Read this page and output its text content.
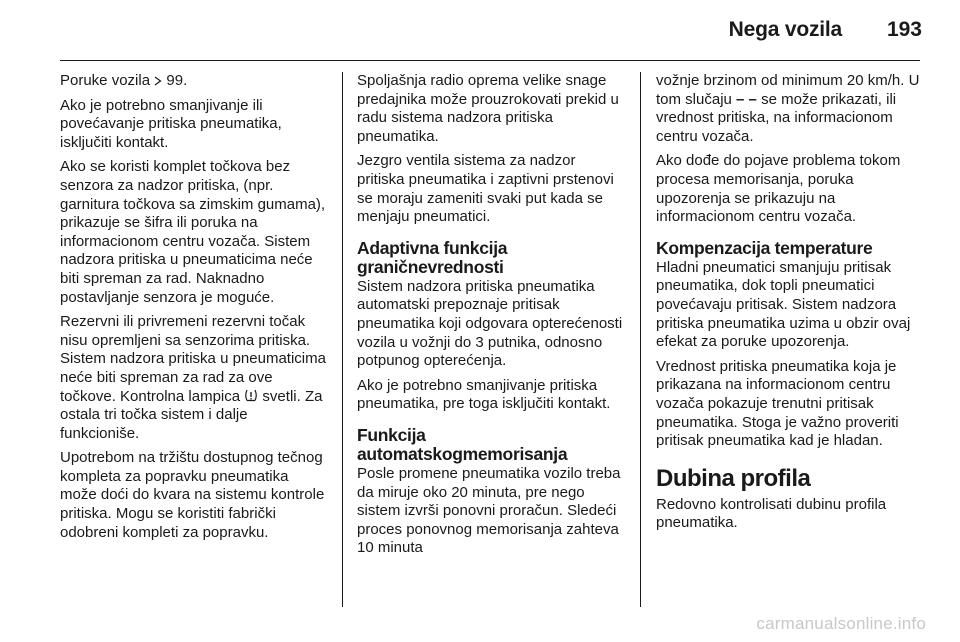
Nega vozila 193

Poruke vozila  99.

Ako je potrebno smanjivanje ili povećavanje pritiska pneumatika, isključiti kontakt.

Ako se koristi komplet točkova bez senzora za nadzor pritiska, (npr. garnitura točkova sa zimskim gumama), prikazuje se šifra ili poruka na informacionom centru vozača. Sistem nadzora pritiska u pneumaticima neće biti spreman za rad. Naknadno postavljanje senzora je moguće.

Rezervni ili privremeni rezervni točak nisu opremljeni sa senzorima pritiska. Sistem nadzora pritiska u pneumaticima neće biti spreman za rad za ove točkove. Kontrolna lampica  svetli. Za ostala tri točka sistem i dalje funkcioniše.

Upotrebom na tržištu dostupnog tečnog kompleta za popravku pneumatika može doći do kvara na sistemu kontrole pritiska. Mogu se koristiti fabrički odobreni kompleti za popravku.

Spoljašnja radio oprema velike snage predajnika može prouzrokovati prekid u radu sistema nadzora pritiska pneumatika.

Jezgro ventila sistema za nadzor pritiska pneumatika i zaptivni prstenovi se moraju zameniti svaki put kada se menjaju pneumatici.

Adaptivna funkcija graničnevrednosti

Sistem nadzora pritiska pneumatika automatski prepoznaje pritisak pneumatika koji odgovara opterećenosti vozila u vožnji do 3 putnika, odnosno potpunog opterećenja.

Ako je potrebno smanjivanje pritiska pneumatika, pre toga isključiti kontakt.

Funkcija automatskogmemorisanja

Posle promene pneumatika vozilo treba da miruje oko 20 minuta, pre nego sistem izvrši ponovni proračun. Sledeći proces ponovnog memorisanja zahteva 10 minuta

vožnje brzinom od minimum 20 km/h. U tom slučaju – – se može prikazati, ili vrednost pritiska, na informacionom centru vozača.

Ako dođe do pojave problema tokom procesa memorisanja, poruka upozorenja se prikazuju na informacionom centru vozača.

Kompenzacija temperature

Hladni pneumatici smanjuju pritisak pneumatika, dok topli pneumatici povećavaju pritisak. Sistem nadzora pritiska pneumatika uzima u obzir ovaj efekat za poruke upozorenja.

Vrednost pritiska pneumatika koja je prikazana na informacionom centru vozača pokazuje trenutni pritisak pneumatika. Stoga je važno proveriti pritisak pneumatika kad je hladan.

Dubina profila

Redovno kontrolisati dubinu profila pneumatika.

carmanualsonline.info
